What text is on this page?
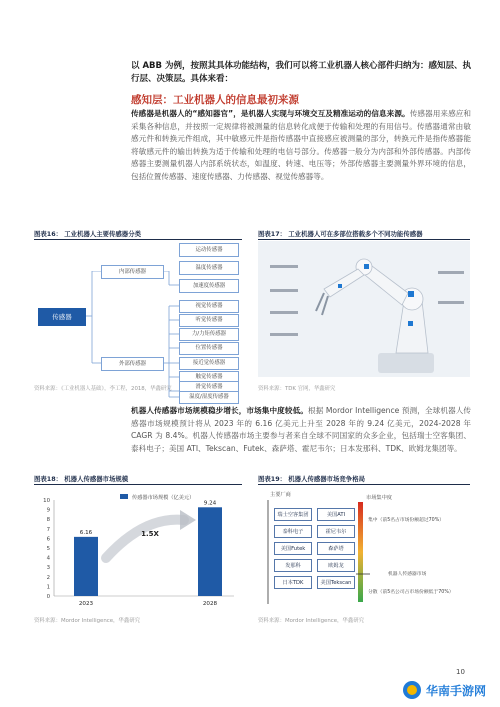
以 ABB 为例，按照其具体功能结构，我们可以将工业机器人核心部件归纳为：感知层、执行层、决策层。具体来看：
感知层：工业机器人的信息最初来源
传感器是机器人的“感知器官”，是机器人实现与环境交互及精准运动的信息来源。传感器用来感应和采集各种信息，并按照一定规律将被测量的信息转化成便于传输和处理的有用信号。传感器通常由敏感元件和转换元件组成，其中敏感元件是指传感器中直接感应被测量的部分，转换元件是指传感器能将敏感元件的输出转换为适于传输和处理的电信号部分。传感器一般分为内部和外部传感器。内部传感器主要测量机器人内部系统状态，如温度、转速、电压等；外部传感器主要测量外界环境的信息，包括位置传感器、速度传感器、力传感器、视觉传感器等。
图表16： 工业机器人主要传感器分类
传感器
内部传感器
外部传感器
运动传感器
温度传感器
加速度传感器
视觉传感器
听觉传感器
力/力矩传感器
位置传感器
接近觉传感器
触觉传感器
滑觉传感器
温度/湿度传感器
资料来源：《工业机器人基础》，李工程，2018，华鑫研究
图表17： 工业机器人可在多部位搭载多个不同功能传感器
资料来源：TDK 官网，华鑫研究
机器人传感器市场规模稳步增长，市场集中度较低。根据 Mordor Intelligence 预测，全球机器人传感器市场规模预计将从 2023 年的 6.16 亿美元上升至 2028 年的 9.24 亿美元，2024-2028 年 CAGR 为 8.4%。机器人传感器市场主要参与者来自全球不同国家的众多企业，包括瑞士空客集团、泰科电子；美国 ATI、Tekscan、Futek、森萨塔、霍尼韦尔；日本发那科、TDK、欧姆龙集团等。
图表18： 机器人传感器市场规模
0
1
2
3
4
5
6
7
8
9
10
6.16
2023
9.24
2028
传感器市场规模（亿美元）
1.5X
资料来源：Mordor Intelligence，华鑫研究
图表19： 机器人传感器市场竞争格局
主要厂商	市场集中度
集中（前5名占市场份额超过70%）
机器人传感器市场
分散（前5名公司占市场份额低于70%）
瑞士空客集团	美国ATI
泰科电子	霍尼韦尔
美国Futek	森萨塔
发那科	欧姆龙
日本TDK	美国Tekscan
资料来源：Mordor Intelligence，华鑫研究
10
华南手游网
